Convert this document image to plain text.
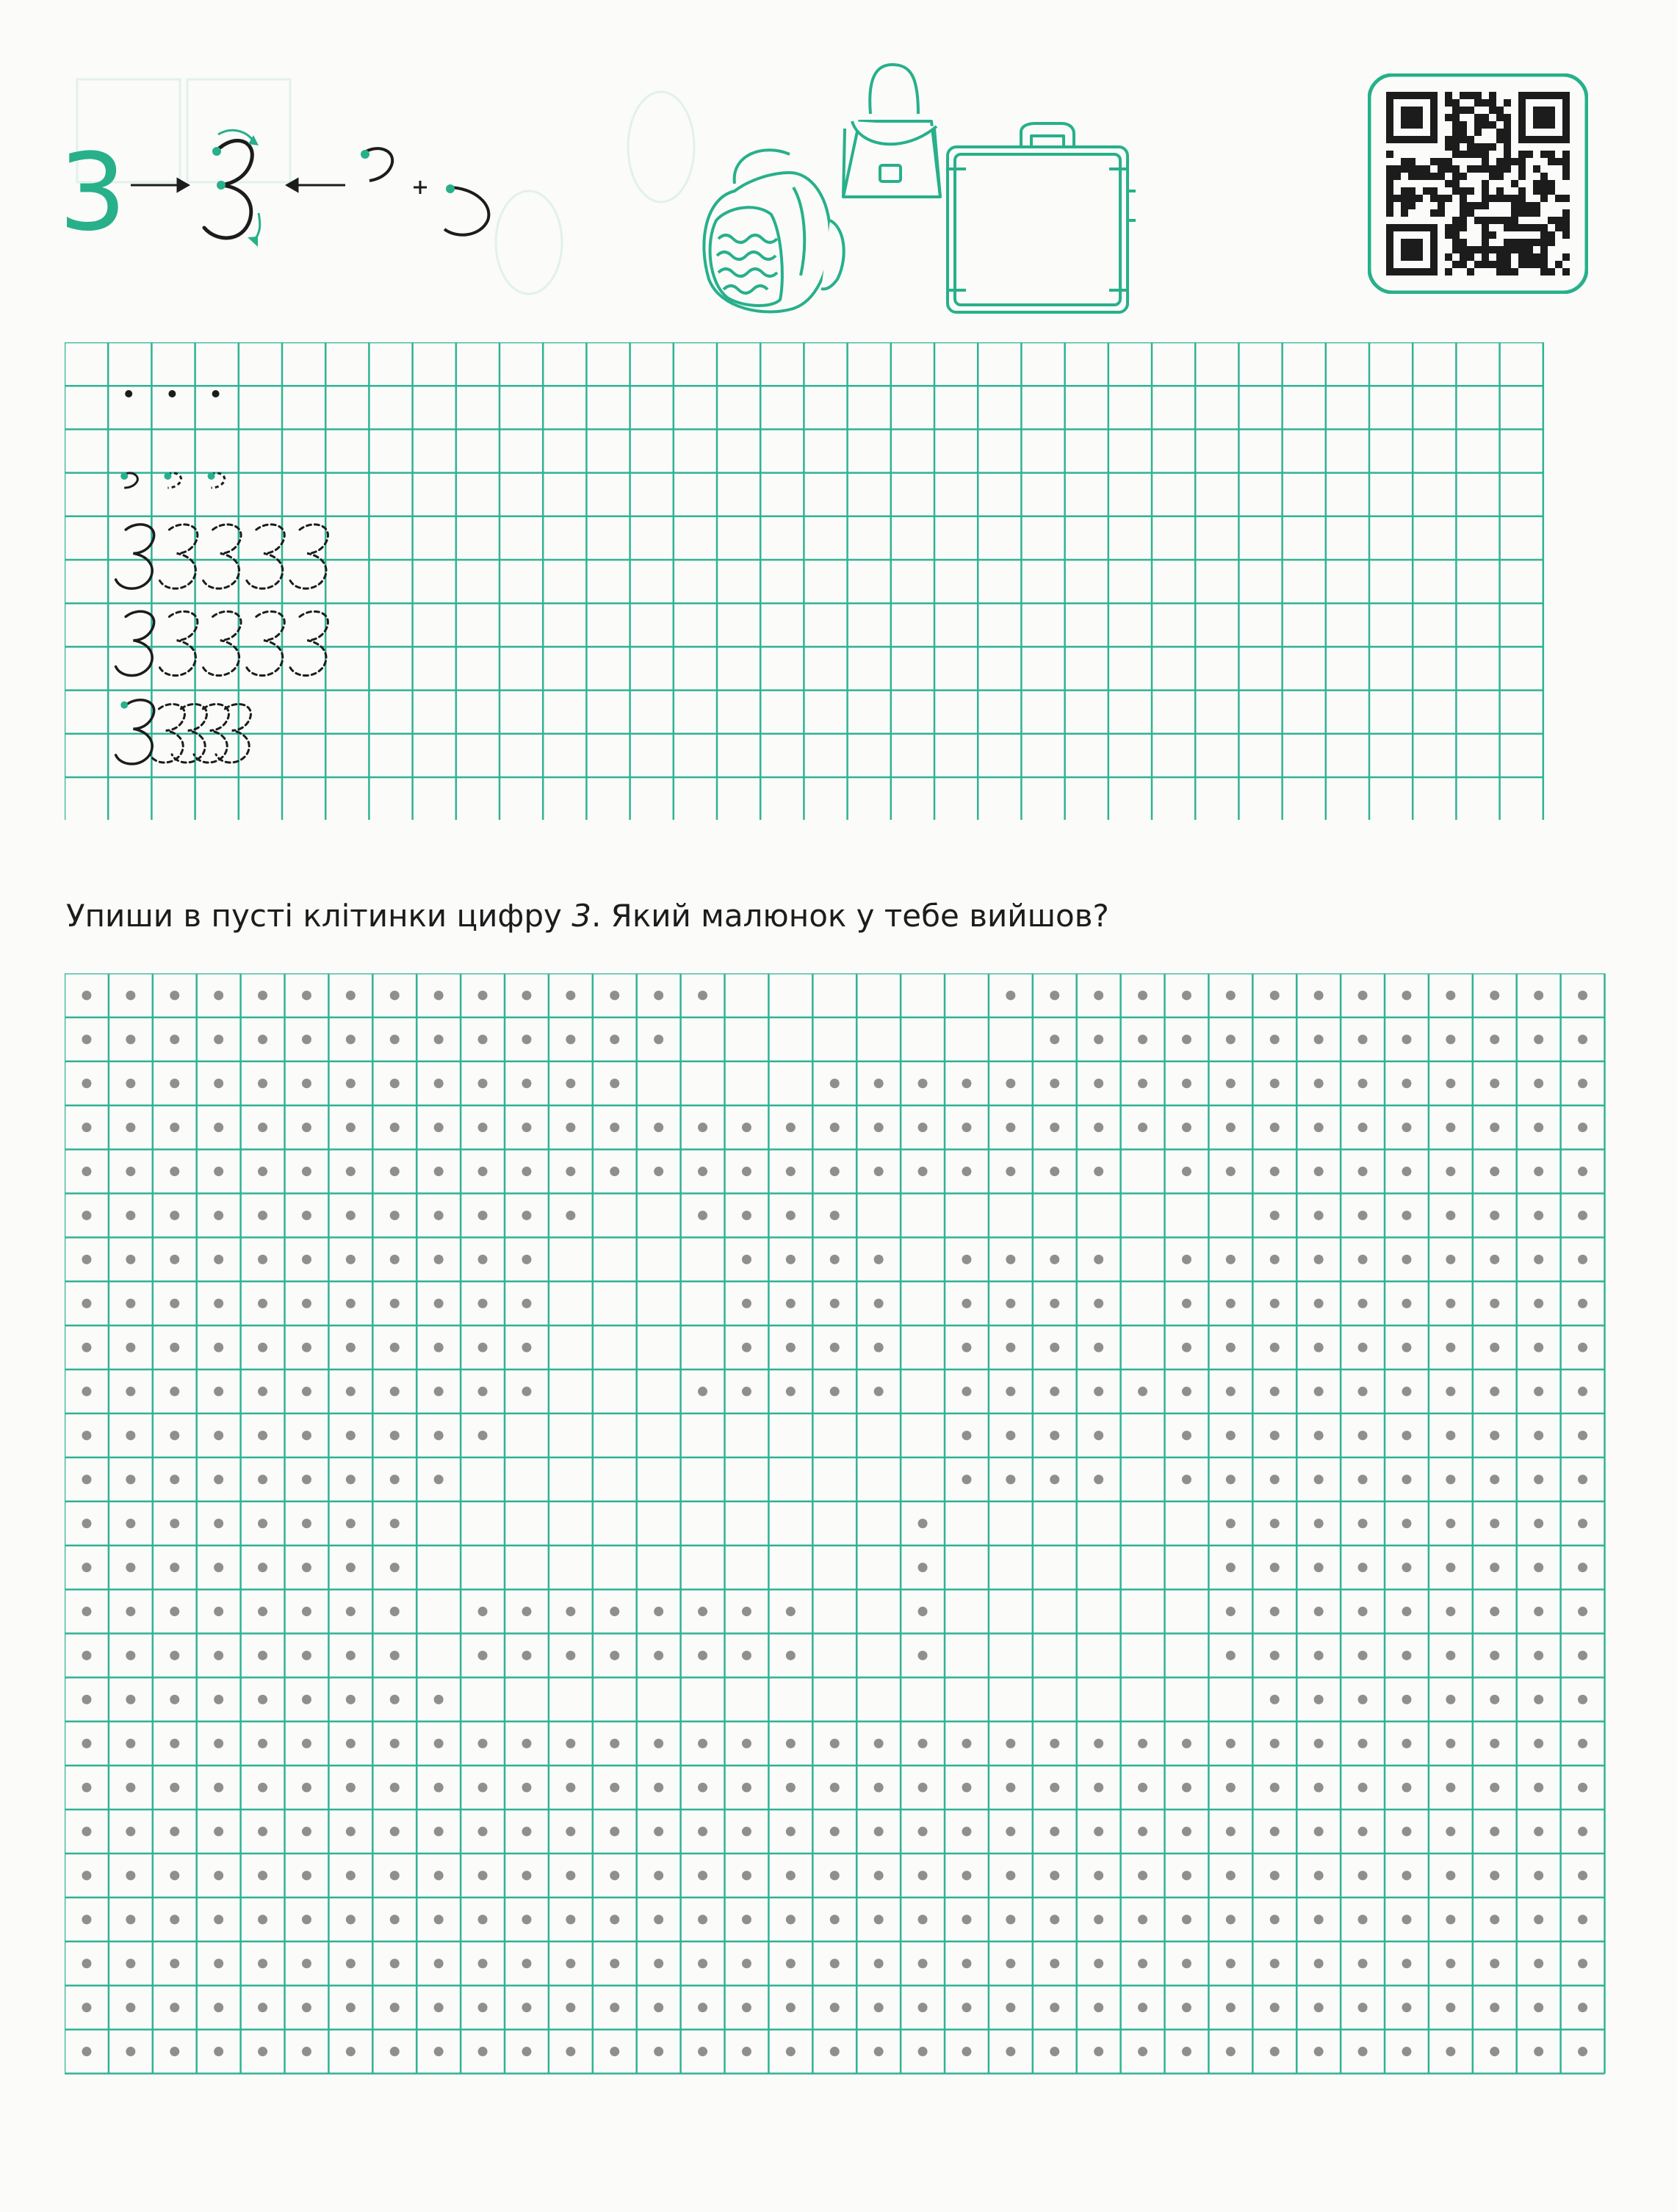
3

Упиши в пусті клітинки цифру 3. Який малюнок у тебе вийшов?
